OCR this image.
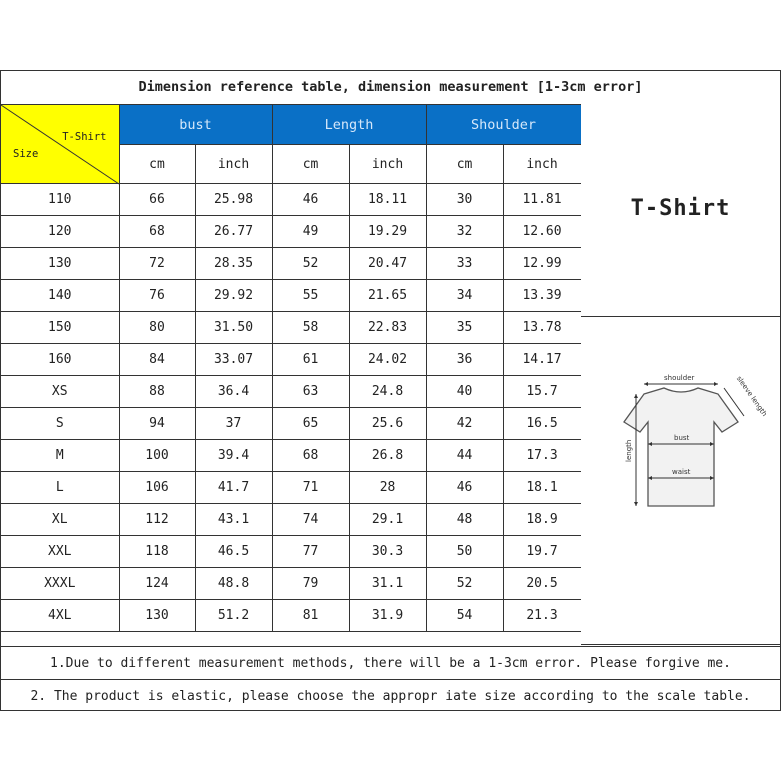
Dimension reference table, dimension measurement [1-3cm error]
T-Shirt
Size	bust		Length		Shoulder	
	cm	inch	cm	inch	cm	inch
110	66	25.98	46	18.11	30	11.81
120	68	26.77	49	19.29	32	12.60
130	72	28.35	52	20.47	33	12.99
140	76	29.92	55	21.65	34	13.39
150	80	31.50	58	22.83	35	13.78
160	84	33.07	61	24.02	36	14.17
XS	88	36.4	63	24.8	40	15.7
S	94	37	65	25.6	42	16.5
M	100	39.4	68	26.8	44	17.3
L	106	41.7	71	28	46	18.1
XL	112	43.1	74	29.1	48	18.9
XXL	118	46.5	77	30.3	50	19.7
XXXL	124	48.8	79	31.1	52	20.5
4XL	130	51.2	81	31.9	54	21.3
T-Shirt
shoulder	sleeve length
bust
waist
length
1.Due to different measurement methods, there will be a 1-3cm error. Please forgive me.
2. The product is elastic, please choose the appropr iate size according to the scale table.
